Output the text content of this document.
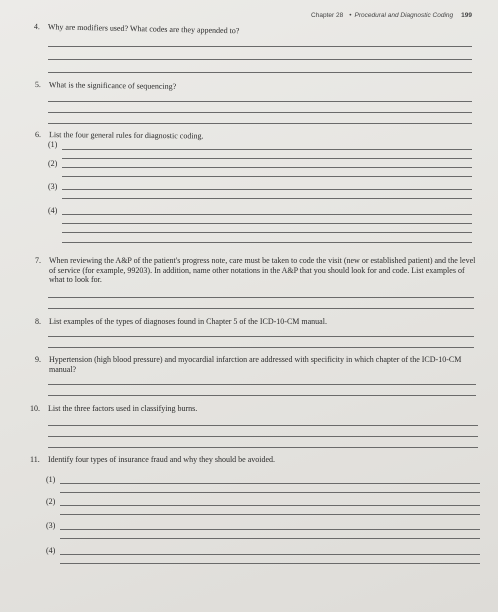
Chapter 28 • Procedural and Diagnostic Coding 199
4. Why are modifiers used? What codes are they appended to?
5. What is the significance of sequencing?
6. List the four general rules for diagnostic coding.
(1)
(2)
(3)
(4)
7. When reviewing the A&P of the patient's progress note, care must be taken to code the visit (new or established patient) and the level of service (for example, 99203). In addition, name other notations in the A&P that you should look for and code. List examples of what to look for.
8. List examples of the types of diagnoses found in Chapter 5 of the ICD-10-CM manual.
9. Hypertension (high blood pressure) and myocardial infarction are addressed with specificity in which chapter of the ICD-10-CM manual?
10. List the three factors used in classifying burns.
11. Identify four types of insurance fraud and why they should be avoided.
(1)
(2)
(3)
(4)
